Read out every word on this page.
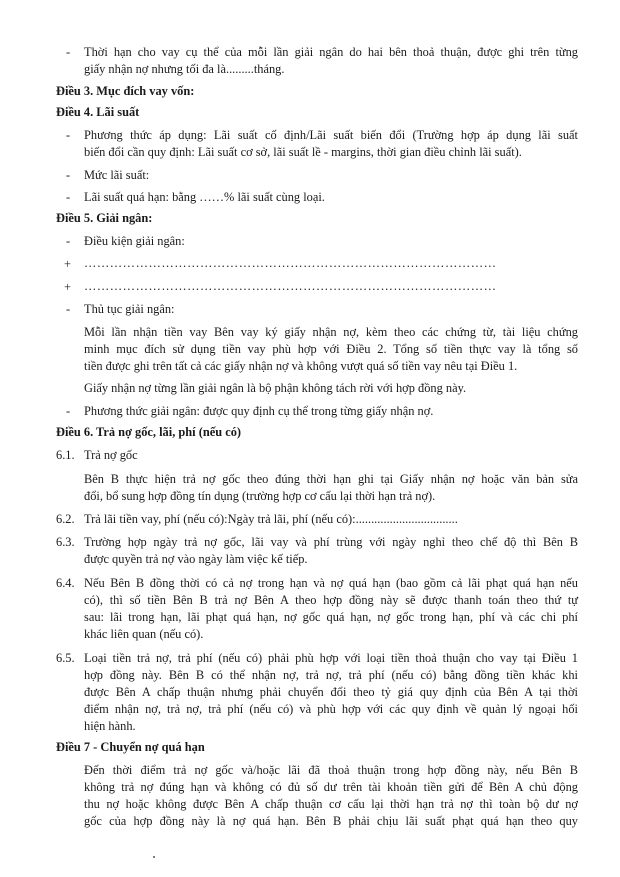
- Thời hạn cho vay cụ thể của mỗi lần giải ngân do hai bên thoả thuận, được ghi trên từng
giấy nhận nợ nhưng tối đa là.........tháng.
Điều 3. Mục đích vay vốn:
Điều 4. Lãi suất
- Phương thức áp dụng: Lãi suất cố định/Lãi suất biến đổi (Trường hợp áp dụng lãi suất
biến đổi cần quy định: Lãi suất cơ sở, lãi suất lề - margins, thời gian điều chỉnh lãi suất).
- Mức lãi suất:
- Lãi suất quá hạn: bằng ……% lãi suất cùng loại.
Điều 5. Giải ngân:
- Điều kiện giải ngân:
+ ……………………………………………………………………………………
+ ……………………………………………………………………………………
- Thủ tục giải ngân:
Mỗi lần nhận tiền vay Bên vay ký giấy nhận nợ, kèm theo các chứng từ, tài liệu chứng
minh mục đích sử dụng tiền vay phù hợp với Điều 2. Tổng số tiền thực vay là tổng số
tiền được ghi trên tất cả các giấy nhận nợ và không vượt quá số tiền vay nêu tại Điều 1.
Giấy nhận nợ từng lần giải ngân là bộ phận không tách rời với hợp đồng này.
- Phương thức giải ngân: được quy định cụ thể trong từng giấy nhận nợ.
Điều 6. Trả nợ gốc, lãi, phí (nếu có)
6.1. Trả nợ gốc
Bên B thực hiện trả nợ gốc theo đúng thời hạn ghi tại Giấy nhận nợ hoặc văn bản sửa
đổi, bổ sung hợp đồng tín dụng (trường hợp cơ cấu lại thời hạn trả nợ).
6.2. Trả lãi tiền vay, phí (nếu có):Ngày trả lãi, phí (nếu có):.................................
6.3. Trường hợp ngày trả nợ gốc, lãi vay và phí trùng với ngày nghỉ theo chế độ thì Bên B
được quyền trả nợ vào ngày làm việc kế tiếp.
6.4. Nếu Bên B đồng thời có cả nợ trong hạn và nợ quá hạn (bao gồm cả lãi phạt quá hạn nếu
có), thì số tiền Bên B trả nợ Bên A theo hợp đồng này sẽ được thanh toán theo thứ tự
sau: lãi trong hạn, lãi phạt quá hạn, nợ gốc quá hạn, nợ gốc trong hạn, phí và các chi phí
khác liên quan (nếu có).
6.5. Loại tiền trả nợ, trả phí (nếu có) phải phù hợp với loại tiền thoả thuận cho vay tại Điều 1
hợp đồng này. Bên B có thể nhận nợ, trả nợ, trả phí (nếu có) bằng đồng tiền khác khi
được Bên A chấp thuận nhưng phải chuyển đổi theo tỷ giá quy định của Bên A tại thời
điểm nhận nợ, trả nợ, trả phí (nếu có) và phù hợp với các quy định về quản lý ngoại hối
hiện hành.
Điều 7 - Chuyển nợ quá hạn
Đến thời điểm trả nợ gốc và/hoặc lãi đã thoả thuận trong hợp đồng này, nếu Bên B
không trả nợ đúng hạn và không có đủ số dư trên tài khoản tiền gửi để Bên A chủ động
thu nợ hoặc không được Bên A chấp thuận cơ cấu lại thời hạn trả nợ thì toàn bộ dư nợ
gốc của hợp đồng này là nợ quá hạn. Bên B phải chịu lãi suất phạt quá hạn theo quy
